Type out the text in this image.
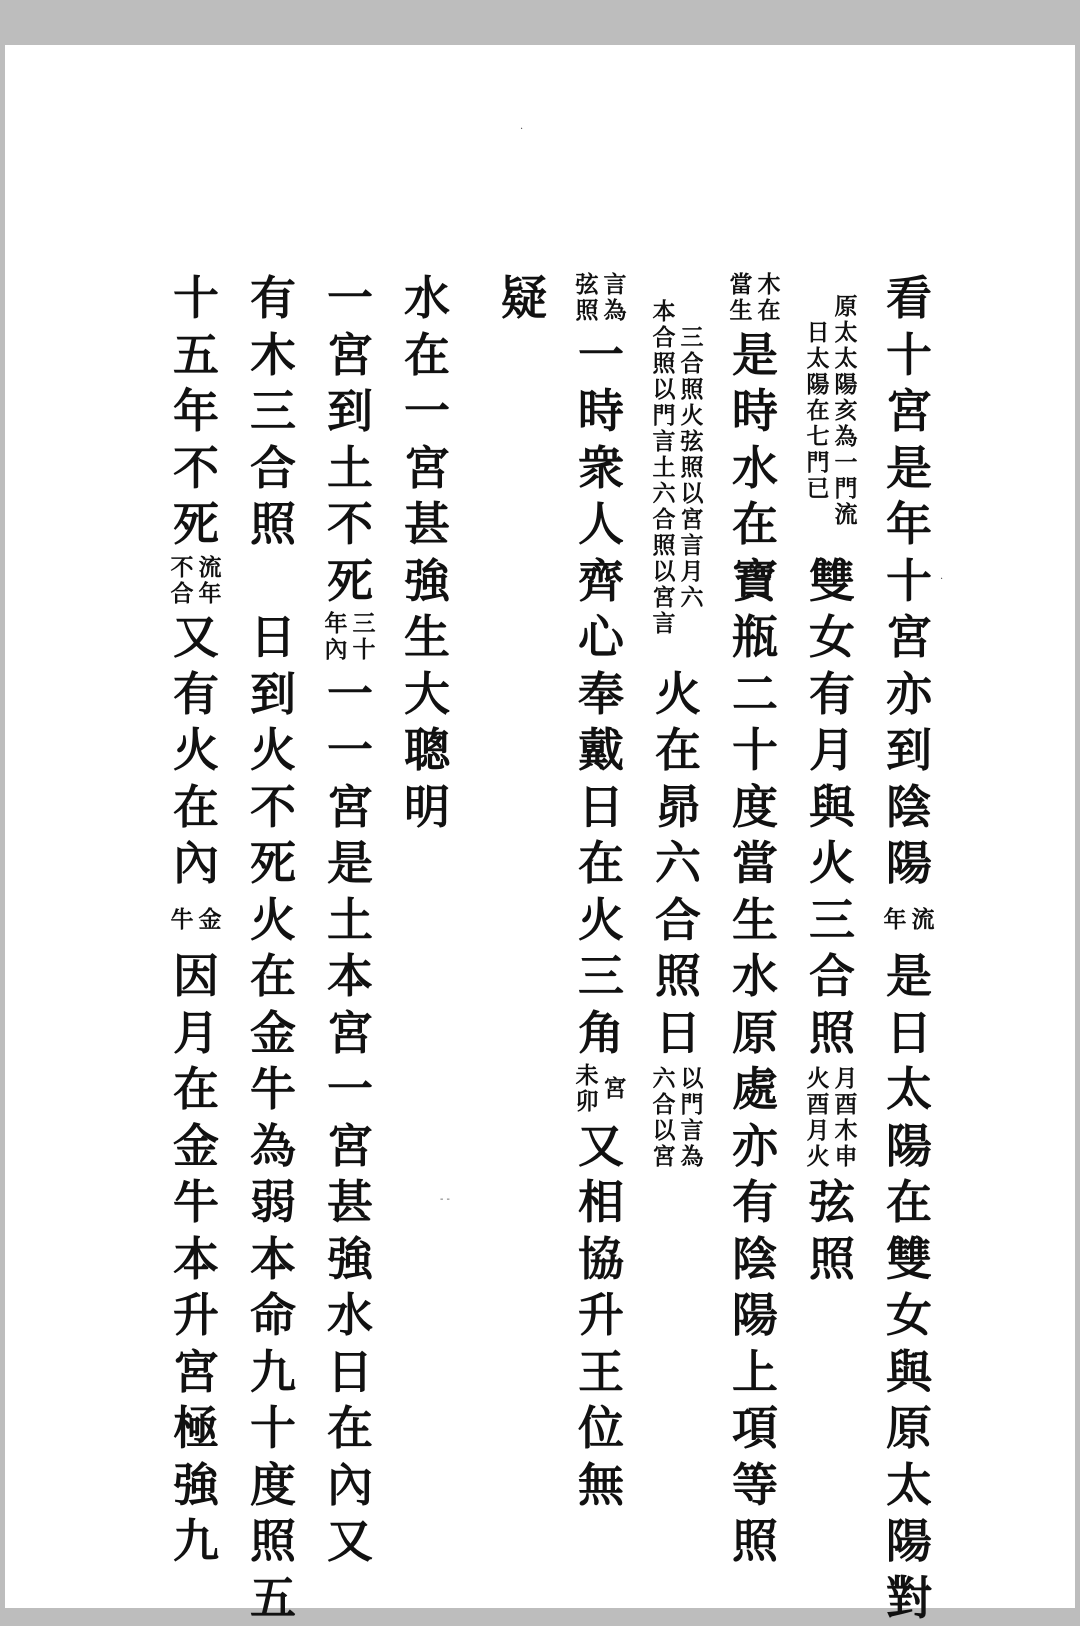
·
·
- -
看
十
宮
是
年
十
宮
亦
到
陰
陽
年 流
是
日
太
陽
在
雙
女
與
原
太
陽
對
日
太
陽
在
七
門
已
原
太
太
陽
亥
為
一
門
流
雙
女
有
月
與
火
三
合
照
火
酉
月
火
月
酉
木
申
弦
照
當
生
木
在
是
時
水
在
寶
瓶
二
十
度
當
生
水
原
處
亦
有
陰
陽
上
項
等
照
本
合
照
以
門
言
土
六
合
照
以
宮
言
三
合
照
火
弦
照
以
宮
言
月
六
火
在
昴
六
合
照
日
六
合
以
宮
以
門
言
為
弦
照
言
為
一
時
衆
人
齊
心
奉
戴
日
在
火
三
角
未
卯 宮
又
相
協
升
王
位
無
疑
水
在
一
宮
甚
強
生
大
聰
明
一
宮
到
土
不
死
年
內
三
十
一
一
宮
是
土
本
宮
一
宮
甚
強
水
日
在
內
又
有
木
三
合
照
日
到
火
不
死
火
在
金
牛
為
弱
本
命
九
十
度
照
五
十
五
年
不
死
不
合
流
年
又
有
火
在
內
牛 金
因
月
在
金
牛
本
升
宮
極
強
九
